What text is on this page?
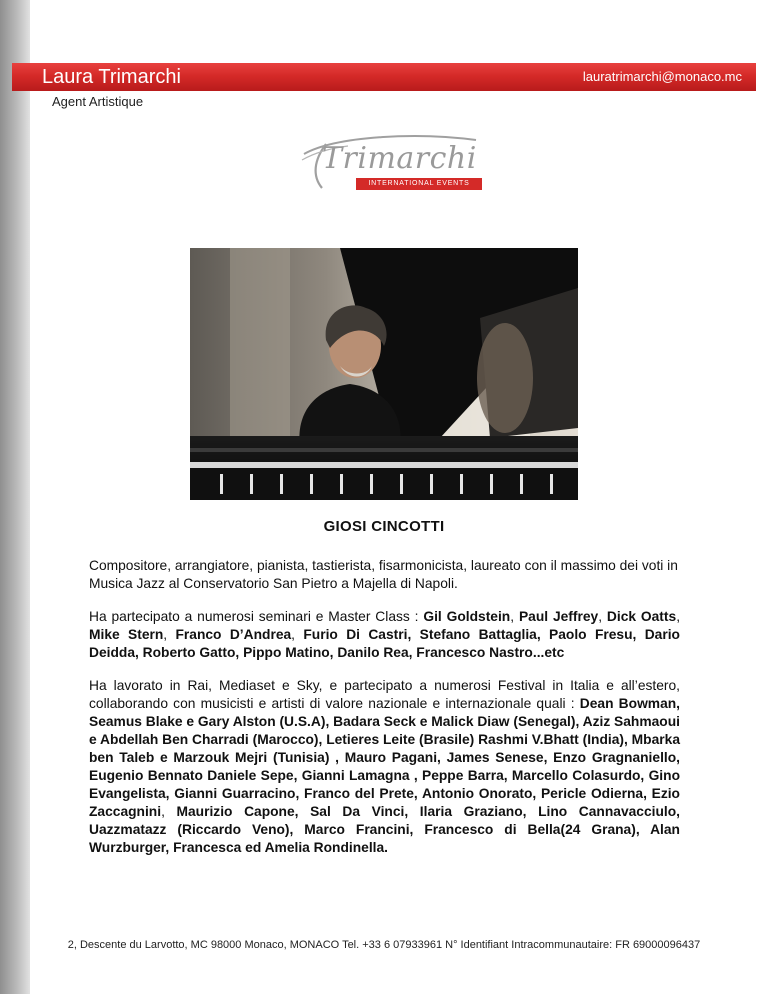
Laura Trimarchi	lauratrimarchi@monaco.mc
Agent Artistique
Trimarchi
INTERNATIONAL EVENTS
GIOSI CINCOTTI

Compositore, arrangiatore, pianista, tastierista, fisarmonicista, laureato con il massimo dei voti in Musica Jazz al Conservatorio San Pietro a Majella di Napoli.

Ha partecipato a numerosi seminari e Master Class : Gil Goldstein, Paul Jeffrey, Dick Oatts, Mike Stern, Franco D’Andrea, Furio Di Castri, Stefano Battaglia, Paolo Fresu, Dario Deidda, Roberto Gatto, Pippo Matino, Danilo Rea, Francesco Nastro...etc

Ha lavorato in Rai, Mediaset e Sky, e partecipato a numerosi Festival in Italia e all’estero, collaborando con musicisti e artisti di valore nazionale e internazionale quali : Dean Bowman, Seamus Blake e Gary Alston (U.S.A), Badara Seck e Malick Diaw (Senegal), Aziz Sahmaoui e Abdellah Ben Charradi (Marocco), Letieres Leite (Brasile) Rashmi V.Bhatt (India), Mbarka ben Taleb e Marzouk Mejri (Tunisia) , Mauro Pagani, James Senese, Enzo Gragnaniello, Eugenio Bennato Daniele Sepe, Gianni Lamagna , Peppe Barra, Marcello Colasurdo, Gino Evangelista, Gianni Guarracino, Franco del Prete, Antonio Onorato, Pericle Odierna, Ezio Zaccagnini, Maurizio Capone, Sal Da Vinci, Ilaria Graziano, Lino Cannavacciulo, Uazzmatazz (Riccardo Veno), Marco Francini, Francesco di Bella(24 Grana), Alan Wurzburger, Francesca ed Amelia Rondinella.

2, Descente du Larvotto, MC 98000 Monaco, MONACO Tel. +33 6 07933961 N° Identifiant Intracommunautaire: FR 69000096437
